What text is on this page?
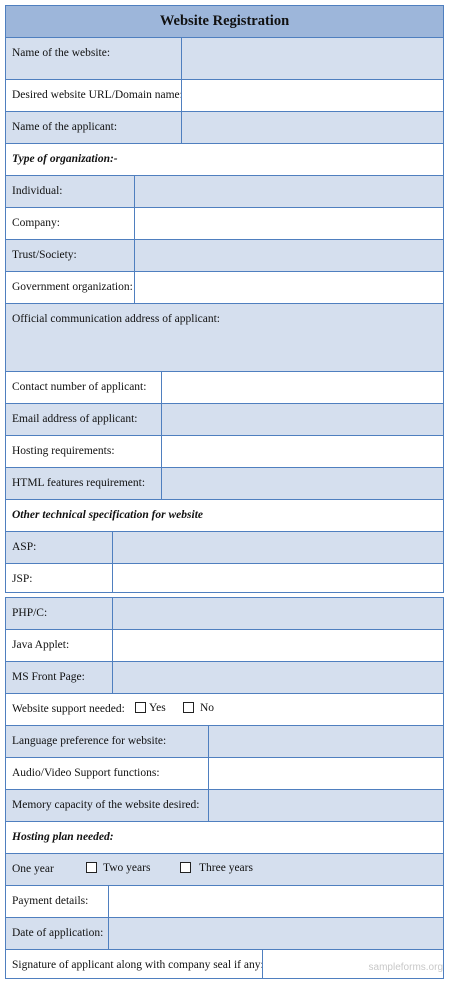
Website Registration
Name of the website:
Desired website URL/Domain name:
Name of the applicant:
Type of organization:-
Individual:
Company:
Trust/Society:
Government organization:
Official communication address of applicant:
Contact number of applicant:
Email address of applicant:
Hosting requirements:
HTML features requirement:
Other technical specification for website
ASP:
JSP:
PHP/C:
Java Applet:
MS Front Page:
Website support needed: Yes	No
Language preference for website:
Audio/Video Support functions:
Memory capacity of the website desired:
Hosting plan needed:
One year	Two years	Three years
Payment details:
Date of application:
Signature of applicant along with company seal if any:	sampleforms.org
